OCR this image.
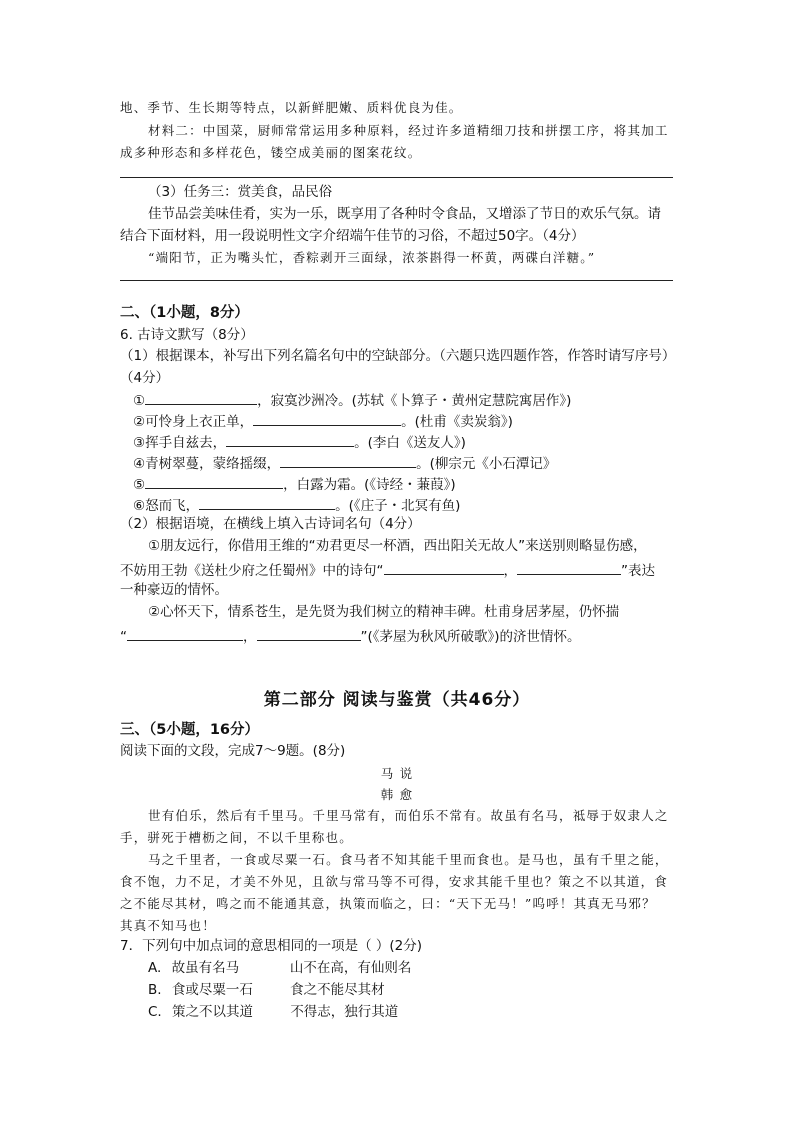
地、季节、生长期等特点，以新鲜肥嫩、质料优良为佳。
材料二：中国菜，厨师常常运用多种原料，经过许多道精细刀技和拼摆工序，将其加工
成多种形态和多样花色，镂空成美丽的图案花纹。
（3）任务三：赏美食，品民俗
佳节品尝美味佳肴，实为一乐，既享用了各种时令食品，又增添了节日的欢乐气氛。请
结合下面材料，用一段说明性文字介绍端午佳节的习俗，不超过50字。（4分）
“端阳节，正为嘴头忙，香粽剥开三面绿，浓茶斟得一杯黄，两碟白洋糖。”
二、（1小题，8分）
6. 古诗文默写（8分）
（1）根据课本，补写出下列名篇名句中的空缺部分。（六题只选四题作答，作答时请写序号）
（4分）
①	，寂寞沙洲冷。(苏轼《卜算子・黄州定慧院寓居作》)
②可怜身上衣正单，	。(杜甫《卖炭翁》)
③挥手自兹去，	。(李白《送友人》)
④青树翠蔓，蒙络摇缀，	。(柳宗元《小石潭记》
⑤	，白露为霜。(《诗经・蒹葭》)
⑥怒而飞，	。(《庄子・北冥有鱼)
（2）根据语境，在横线上填入古诗词名句（4分）
①朋友远行，你借用王维的“劝君更尽一杯酒，西出阳关无故人”来送别则略显伤感，
不妨用王勃《送杜少府之任蜀州》中的诗句“	，	”表达
一种豪迈的情怀。
②心怀天下，情系苍生，是先贤为我们树立的精神丰碑。杜甫身居茅屋，仍怀揣
“	，	”(《茅屋为秋风所破歌》)的济世情怀。
第二部分 阅读与鉴赏（共46分）
三、（5小题，16分）
阅读下面的文段，完成7～9题。(8分)
马 说
韩 愈
世有伯乐，然后有千里马。千里马常有，而伯乐不常有。故虽有名马，祗辱于奴隶人之
手，骈死于槽枥之间，不以千里称也。
马之千里者，一食或尽粟一石。食马者不知其能千里而食也。是马也，虽有千里之能，
食不饱，力不足，才美不外见，且欲与常马等不可得，安求其能千里也？策之不以其道，食
之不能尽其材，鸣之而不能通其意，执策而临之，曰：“天下无马！”呜呼！其真无马邪？
其真不知马也！
7．下列句中加点词的意思相同的一项是（ ）(2分)
A. 故虽有名马	山不在高，有仙则名
B. 食或尽粟一石	食之不能尽其材
C. 策之不以其道	不得志，独行其道
